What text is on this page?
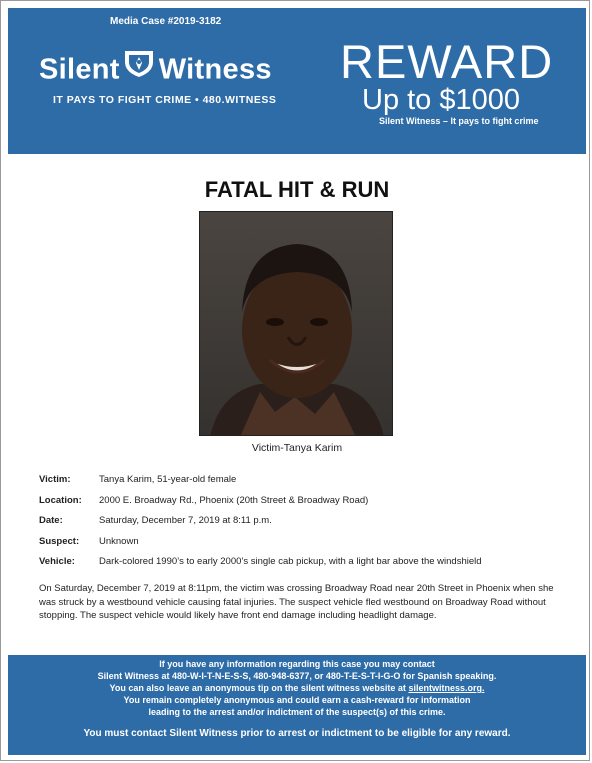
Media Case #2019-3182
Silent Witness
IT PAYS TO FIGHT CRIME • 480.WITNESS
REWARD
Up to $1000
Silent Witness – It pays to fight crime
FATAL HIT & RUN
Victim-Tanya Karim
Victim:	Tanya Karim, 51-year-old female
Location:	2000 E. Broadway Rd., Phoenix (20th Street & Broadway Road)
Date:	Saturday, December 7, 2019 at 8:11 p.m.
Suspect:	Unknown
Vehicle:	Dark-colored 1990’s to early 2000’s single cab pickup, with a light bar above the windshield
On Saturday, December 7, 2019 at 8:11pm, the victim was crossing Broadway Road near 20th Street in Phoenix when she was struck by a westbound vehicle causing fatal injuries. The suspect vehicle fled westbound on Broadway Road without stopping. The suspect vehicle would likely have front end damage including headlight damage.
If you have any information regarding this case you may contact
Silent Witness at 480-W-I-T-N-E-S-S, 480-948-6377, or 480-T-E-S-T-I-G-O for Spanish speaking.
You can also leave an anonymous tip on the silent witness website at silentwitness.org.
You remain completely anonymous and could earn a cash-reward for information
leading to the arrest and/or indictment of the suspect(s) of this crime.
You must contact Silent Witness prior to arrest or indictment to be eligible for any reward.
